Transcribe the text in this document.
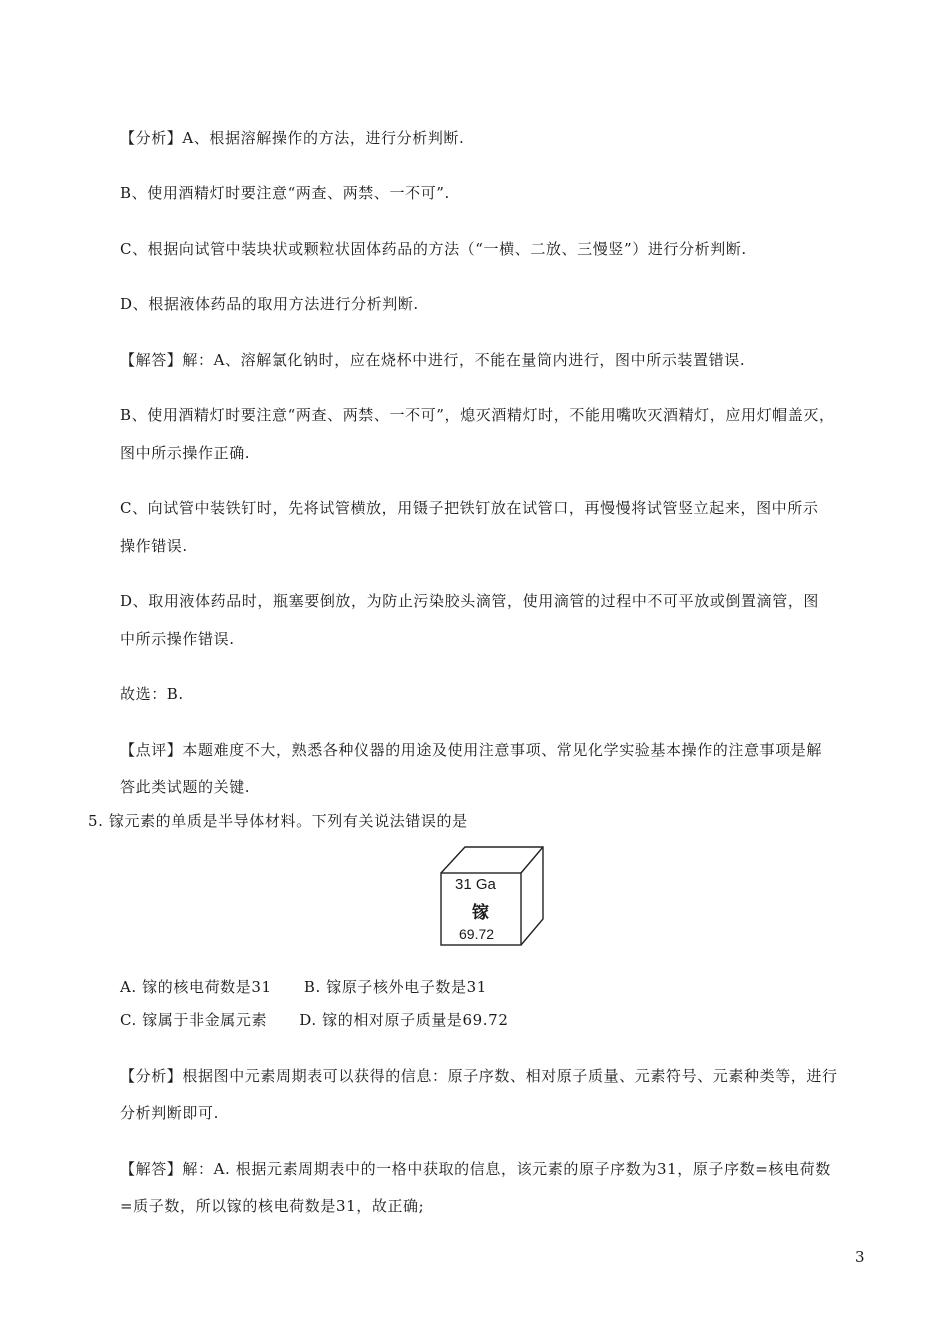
【分析】A、根据溶解操作的方法，进行分析判断.
B、使用酒精灯时要注意“两查、两禁、一不可”.
C、根据向试管中装块状或颗粒状固体药品的方法（“一横、二放、三慢竖”）进行分析判断.
D、根据液体药品的取用方法进行分析判断.
【解答】解：A、溶解氯化钠时，应在烧杯中进行，不能在量筒内进行，图中所示装置错误.
B、使用酒精灯时要注意“两查、两禁、一不可”，熄灭酒精灯时，不能用嘴吹灭酒精灯，应用灯帽盖灭，
图中所示操作正确.
C、向试管中装铁钉时，先将试管横放，用镊子把铁钉放在试管口，再慢慢将试管竖立起来，图中所示
操作错误.
D、取用液体药品时，瓶塞要倒放，为防止污染胶头滴管，使用滴管的过程中不可平放或倒置滴管，图
中所示操作错误.
故选：B.
【点评】本题难度不大，熟悉各种仪器的用途及使用注意事项、常见化学实验基本操作的注意事项是解
答此类试题的关键.
5. 镓元素的单质是半导体材料。下列有关说法错误的是
31 Ga
镓
69.72
A. 镓的核电荷数是31      B. 镓原子核外电子数是31
C. 镓属于非金属元素      D. 镓的相对原子质量是69.72
【分析】根据图中元素周期表可以获得的信息：原子序数、相对原子质量、元素符号、元素种类等，进行
分析判断即可.
【解答】解：A. 根据元素周期表中的一格中获取的信息，该元素的原子序数为31，原子序数=核电荷数
=质子数，所以镓的核电荷数是31，故正确;
3
